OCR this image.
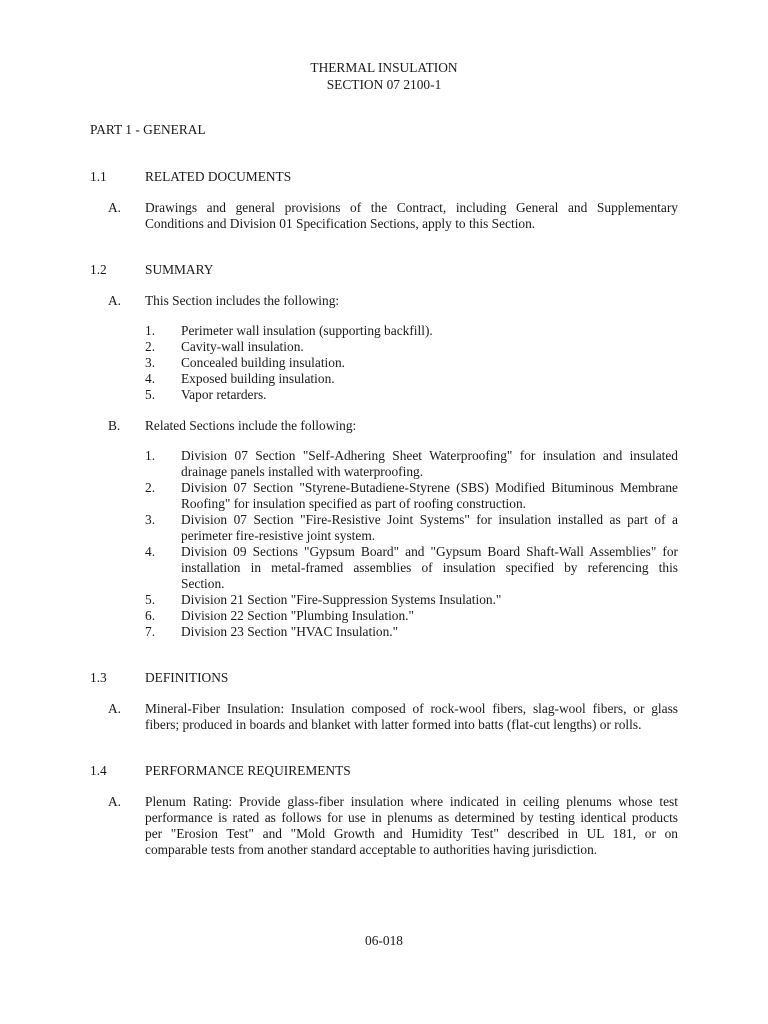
THERMAL INSULATION
SECTION 07 2100-1
PART 1 - GENERAL
1.1	RELATED DOCUMENTS
A. Drawings and general provisions of the Contract, including General and Supplementary
Conditions and Division 01 Specification Sections, apply to this Section.
1.2	SUMMARY
A. This Section includes the following:
1. Perimeter wall insulation (supporting backfill).
2. Cavity-wall insulation.
3. Concealed building insulation.
4. Exposed building insulation.
5. Vapor retarders.
B. Related Sections include the following:
1. Division 07 Section "Self-Adhering Sheet Waterproofing" for insulation and insulated
drainage panels installed with waterproofing.
2. Division 07 Section "Styrene-Butadiene-Styrene (SBS) Modified Bituminous Membrane
Roofing" for insulation specified as part of roofing construction.
3. Division 07 Section "Fire-Resistive Joint Systems" for insulation installed as part of a
perimeter fire-resistive joint system.
4. Division 09 Sections "Gypsum Board" and "Gypsum Board Shaft-Wall Assemblies" for
installation in metal-framed assemblies of insulation specified by referencing this
Section.
5. Division 21 Section "Fire-Suppression Systems Insulation."
6. Division 22 Section "Plumbing Insulation."
7. Division 23 Section "HVAC Insulation."
1.3	DEFINITIONS
A. Mineral-Fiber Insulation: Insulation composed of rock-wool fibers, slag-wool fibers, or glass
fibers; produced in boards and blanket with latter formed into batts (flat-cut lengths) or rolls.
1.4	PERFORMANCE REQUIREMENTS
A. Plenum Rating: Provide glass-fiber insulation where indicated in ceiling plenums whose test
performance is rated as follows for use in plenums as determined by testing identical products
per "Erosion Test" and "Mold Growth and Humidity Test" described in UL 181, or on
comparable tests from another standard acceptable to authorities having jurisdiction.
06-018
